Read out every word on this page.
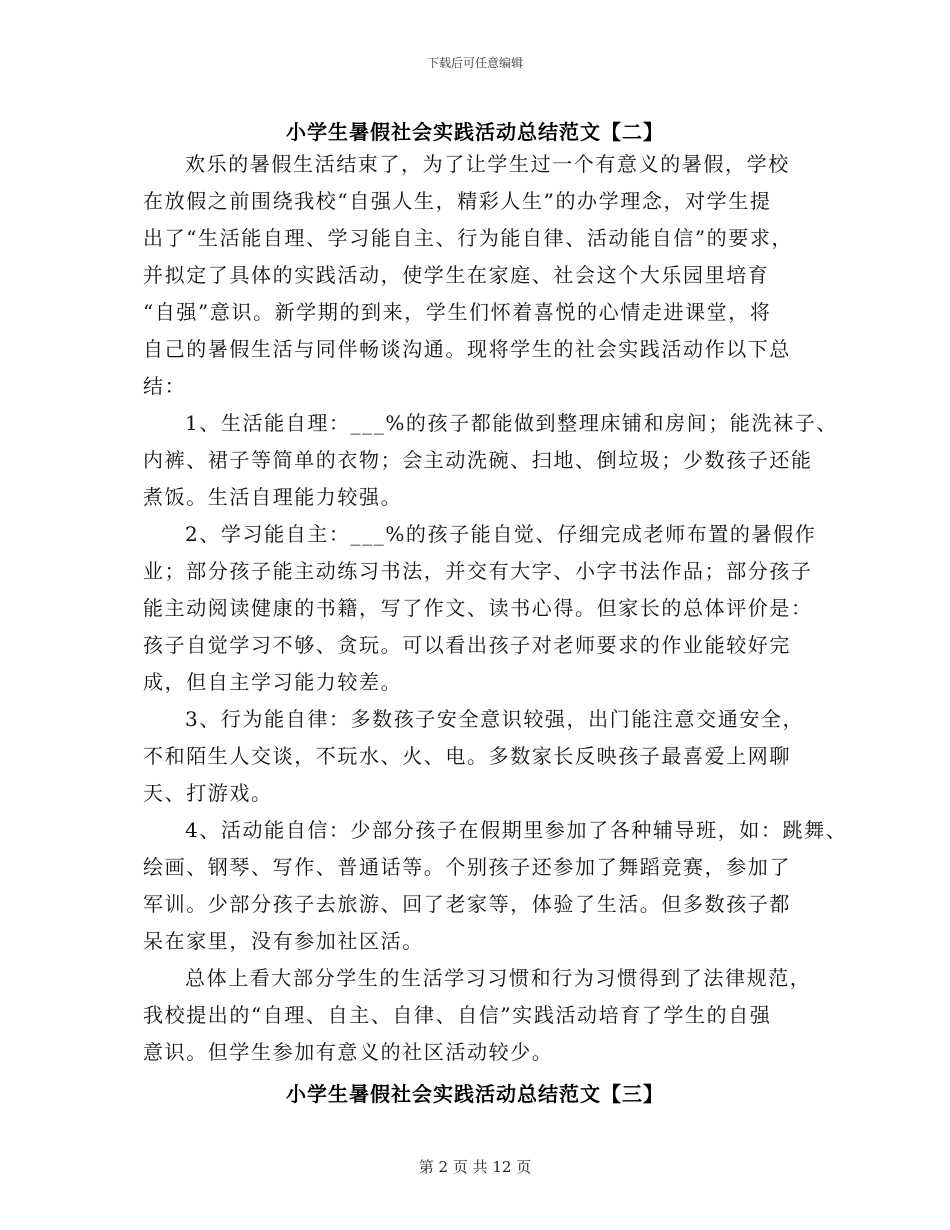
下载后可任意编辑
小学生暑假社会实践活动总结范文【二】
欢乐的暑假生活结束了，为了让学生过一个有意义的暑假，学校
在放假之前围绕我校“自强人生，精彩人生”的办学理念，对学生提
出了“生活能自理、学习能自主、行为能自律、活动能自信”的要求，
并拟定了具体的实践活动，使学生在家庭、社会这个大乐园里培育
“自强”意识。新学期的到来，学生们怀着喜悦的心情走进课堂，将
自己的暑假生活与同伴畅谈沟通。现将学生的社会实践活动作以下总
结：
1、生活能自理：___%的孩子都能做到整理床铺和房间；能洗袜子、
内裤、裙子等简单的衣物；会主动洗碗、扫地、倒垃圾；少数孩子还能
煮饭。生活自理能力较强。
2、学习能自主：___%的孩子能自觉、仔细完成老师布置的暑假作
业；部分孩子能主动练习书法，并交有大字、小字书法作品；部分孩子
能主动阅读健康的书籍，写了作文、读书心得。但家长的总体评价是：
孩子自觉学习不够、贪玩。可以看出孩子对老师要求的作业能较好完
成，但自主学习能力较差。
3、行为能自律：多数孩子安全意识较强，出门能注意交通安全，
不和陌生人交谈，不玩水、火、电。多数家长反映孩子最喜爱上网聊
天、打游戏。
4、活动能自信：少部分孩子在假期里参加了各种辅导班，如：跳舞、
绘画、钢琴、写作、普通话等。个别孩子还参加了舞蹈竞赛，参加了
军训。少部分孩子去旅游、回了老家等，体验了生活。但多数孩子都
呆在家里，没有参加社区活。
总体上看大部分学生的生活学习习惯和行为习惯得到了法律规范，
我校提出的“自理、自主、自律、自信”实践活动培育了学生的自强
意识。但学生参加有意义的社区活动较少。
小学生暑假社会实践活动总结范文【三】
第 2 页 共 12 页
